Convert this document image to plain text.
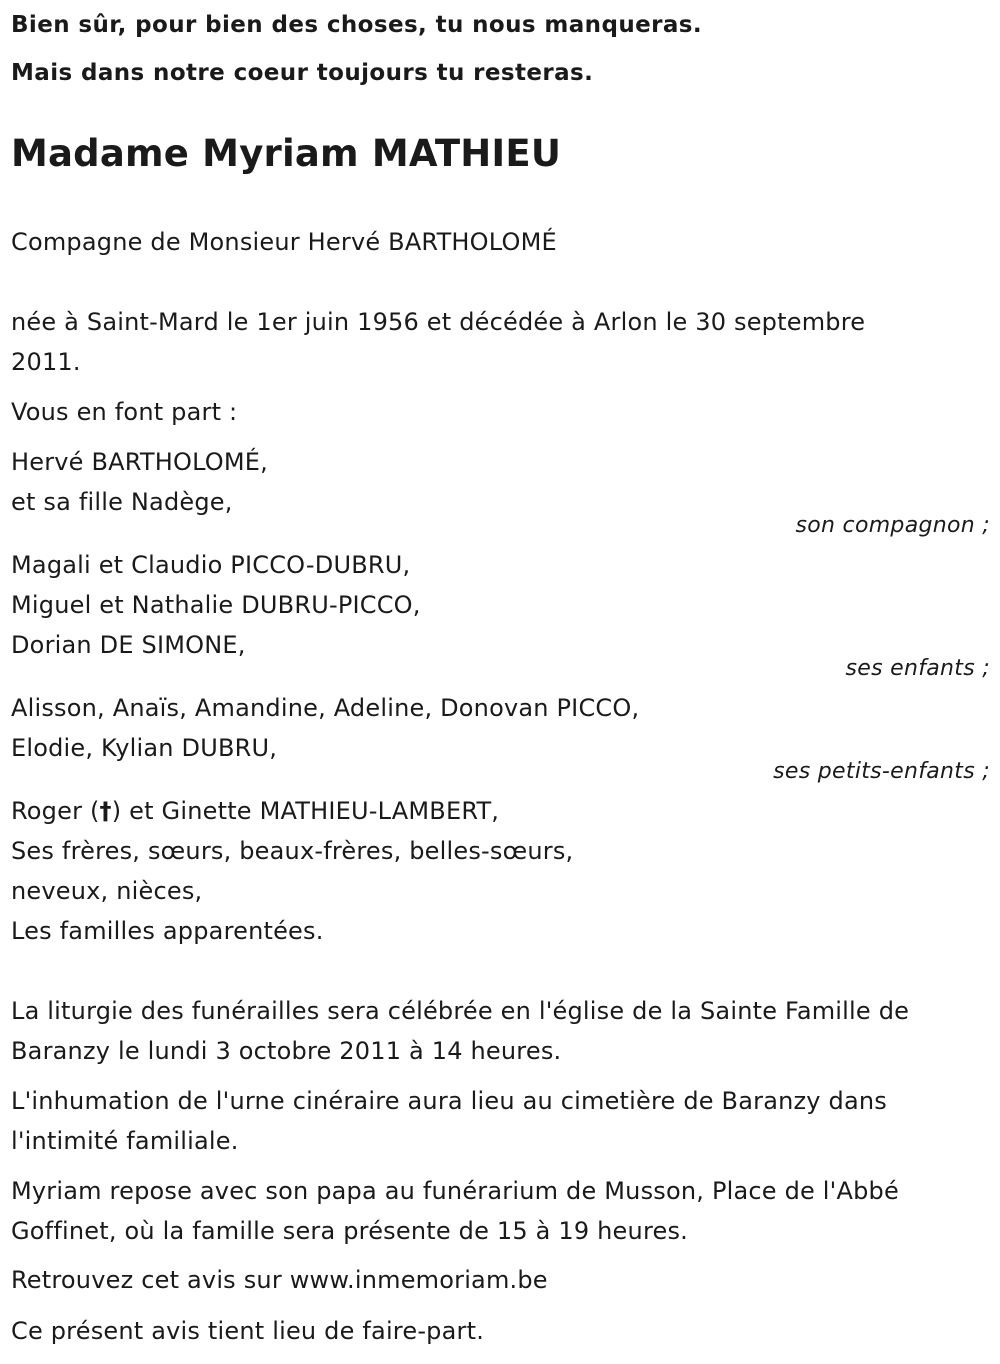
Bien sûr, pour bien des choses, tu nous manqueras.
Mais dans notre coeur toujours tu resteras.
Madame Myriam MATHIEU
Compagne de Monsieur Hervé BARTHOLOMÉ
née à Saint-Mard le 1er juin 1956 et décédée à Arlon le 30 septembre
2011.
Vous en font part :
Hervé BARTHOLOMÉ,
et sa fille Nadège,
son compagnon ;
Magali et Claudio PICCO-DUBRU,
Miguel et Nathalie DUBRU-PICCO,
Dorian DE SIMONE,
ses enfants ;
Alisson, Anaïs, Amandine, Adeline, Donovan PICCO,
Elodie, Kylian DUBRU,
ses petits-enfants ;
Roger (†) et Ginette MATHIEU-LAMBERT,
Ses frères, sœurs, beaux-frères, belles-sœurs,
neveux, nièces,
Les familles apparentées.
La liturgie des funérailles sera célébrée en l'église de la Sainte Famille de
Baranzy le lundi 3 octobre 2011 à 14 heures.
L'inhumation de l'urne cinéraire aura lieu au cimetière de Baranzy dans
l'intimité familiale.
Myriam repose avec son papa au funérarium de Musson, Place de l'Abbé
Goffinet, où la famille sera présente de 15 à 19 heures.
Retrouvez cet avis sur www.inmemoriam.be
Ce présent avis tient lieu de faire-part.
